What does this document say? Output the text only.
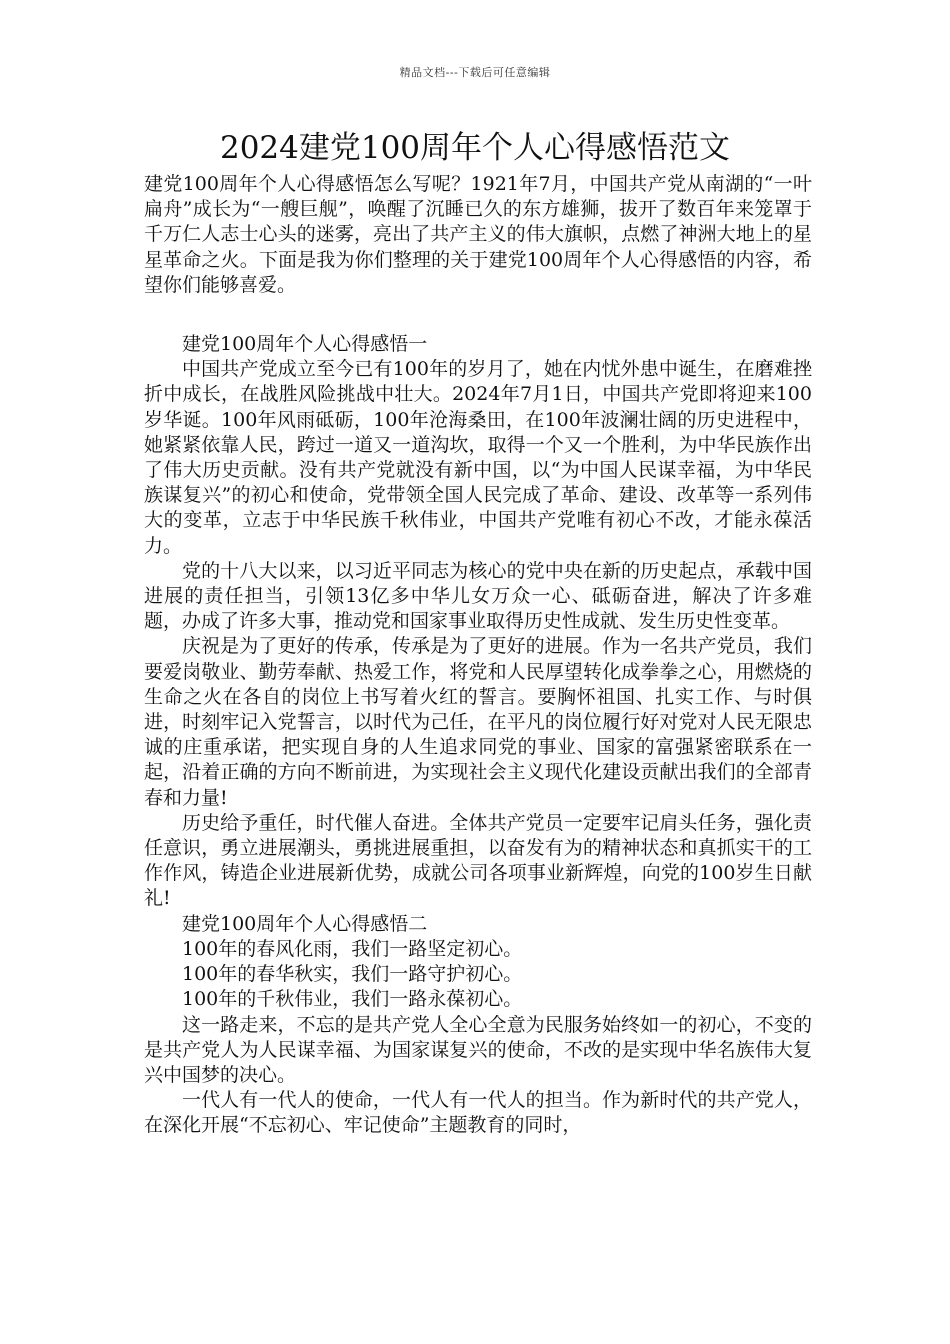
精品文档---下载后可任意编辑
2024建党100周年个人心得感悟范文

建党100周年个人心得感悟怎么写呢？1921年7月，中国共产党从南湖的“一叶扁舟”成长为“一艘巨舰”，唤醒了沉睡已久的东方雄狮，拔开了数百年来笼罩于千万仁人志士心头的迷雾，亮出了共产主义的伟大旗帜，点燃了神洲大地上的星星革命之火。下面是我为你们整理的关于建党100周年个人心得感悟的内容，希望你们能够喜爱。

建党100周年个人心得感悟一

中国共产党成立至今已有100年的岁月了，她在内忧外患中诞生，在磨难挫折中成长，在战胜风险挑战中壮大。2024年7月1日，中国共产党即将迎来100岁华诞。100年风雨砥砺，100年沧海桑田，在100年波澜壮阔的历史进程中，她紧紧依靠人民，跨过一道又一道沟坎，取得一个又一个胜利，为中华民族作出了伟大历史贡献。没有共产党就没有新中国，以“为中国人民谋幸福，为中华民族谋复兴”的初心和使命，党带领全国人民完成了革命、建设、改革等一系列伟大的变革，立志于中华民族千秋伟业，中国共产党唯有初心不改，才能永葆活力。

党的十八大以来，以习近平同志为核心的党中央在新的历史起点，承载中国进展的责任担当，引领13亿多中华儿女万众一心、砥砺奋进，解决了许多难题，办成了许多大事，推动党和国家事业取得历史性成就、发生历史性变革。

庆祝是为了更好的传承，传承是为了更好的进展。作为一名共产党员，我们要爱岗敬业、勤劳奉献、热爱工作，将党和人民厚望转化成拳拳之心，用燃烧的生命之火在各自的岗位上书写着火红的誓言。要胸怀祖国、扎实工作、与时俱进，时刻牢记入党誓言，以时代为己任，在平凡的岗位履行好对党对人民无限忠诚的庄重承诺，把实现自身的人生追求同党的事业、国家的富强紧密联系在一起，沿着正确的方向不断前进，为实现社会主义现代化建设贡献出我们的全部青春和力量!

历史给予重任，时代催人奋进。全体共产党员一定要牢记肩头任务，强化责任意识，勇立进展潮头，勇挑进展重担，以奋发有为的精神状态和真抓实干的工作作风，铸造企业进展新优势，成就公司各项事业新辉煌，向党的100岁生日献礼!

建党100周年个人心得感悟二

100年的春风化雨，我们一路坚定初心。

100年的春华秋实，我们一路守护初心。

100年的千秋伟业，我们一路永葆初心。

这一路走来，不忘的是共产党人全心全意为民服务始终如一的初心，不变的是共产党人为人民谋幸福、为国家谋复兴的使命，不改的是实现中华名族伟大复兴中国梦的决心。

一代人有一代人的使命，一代人有一代人的担当。作为新时代的共产党人，在深化开展“不忘初心、牢记使命”主题教育的同时，
